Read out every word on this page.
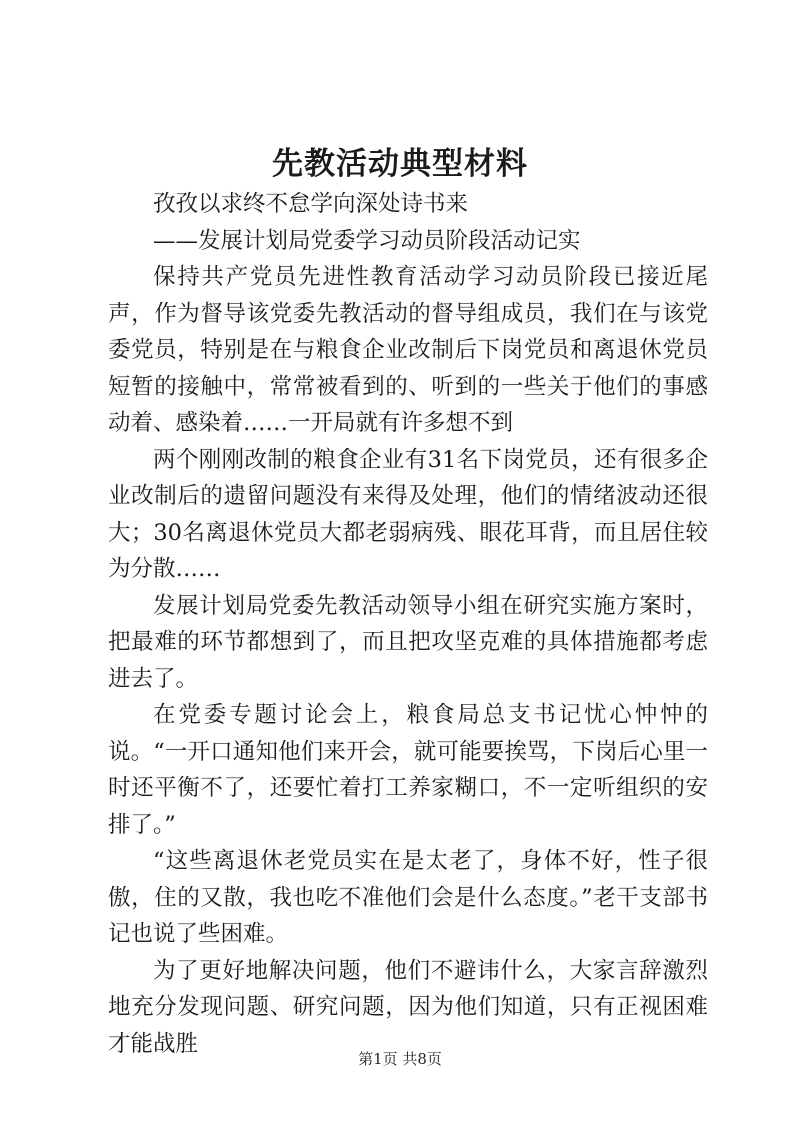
先教活动典型材料

孜孜以求终不怠学向深处诗书来

——发展计划局党委学习动员阶段活动记实

保持共产党员先进性教育活动学习动员阶段已接近尾声，作为督导该党委先教活动的督导组成员，我们在与该党委党员，特别是在与粮食企业改制后下岗党员和离退休党员短暂的接触中，常常被看到的、听到的一些关于他们的事感动着、感染着……一开局就有许多想不到

两个刚刚改制的粮食企业有31名下岗党员，还有很多企业改制后的遗留问题没有来得及处理，他们的情绪波动还很大；30名离退休党员大都老弱病残、眼花耳背，而且居住较为分散……

发展计划局党委先教活动领导小组在研究实施方案时，把最难的环节都想到了，而且把攻坚克难的具体措施都考虑进去了。

在党委专题讨论会上，粮食局总支书记忧心忡忡的说。“一开口通知他们来开会，就可能要挨骂，下岗后心里一时还平衡不了，还要忙着打工养家糊口，不一定听组织的安排了。”

“这些离退休老党员实在是太老了，身体不好，性子很傲，住的又散，我也吃不准他们会是什么态度。”老干支部书记也说了些困难。

为了更好地解决问题，他们不避讳什么，大家言辞激烈地充分发现问题、研究问题，因为他们知道，只有正视困难才能战胜

第1页 共8页
